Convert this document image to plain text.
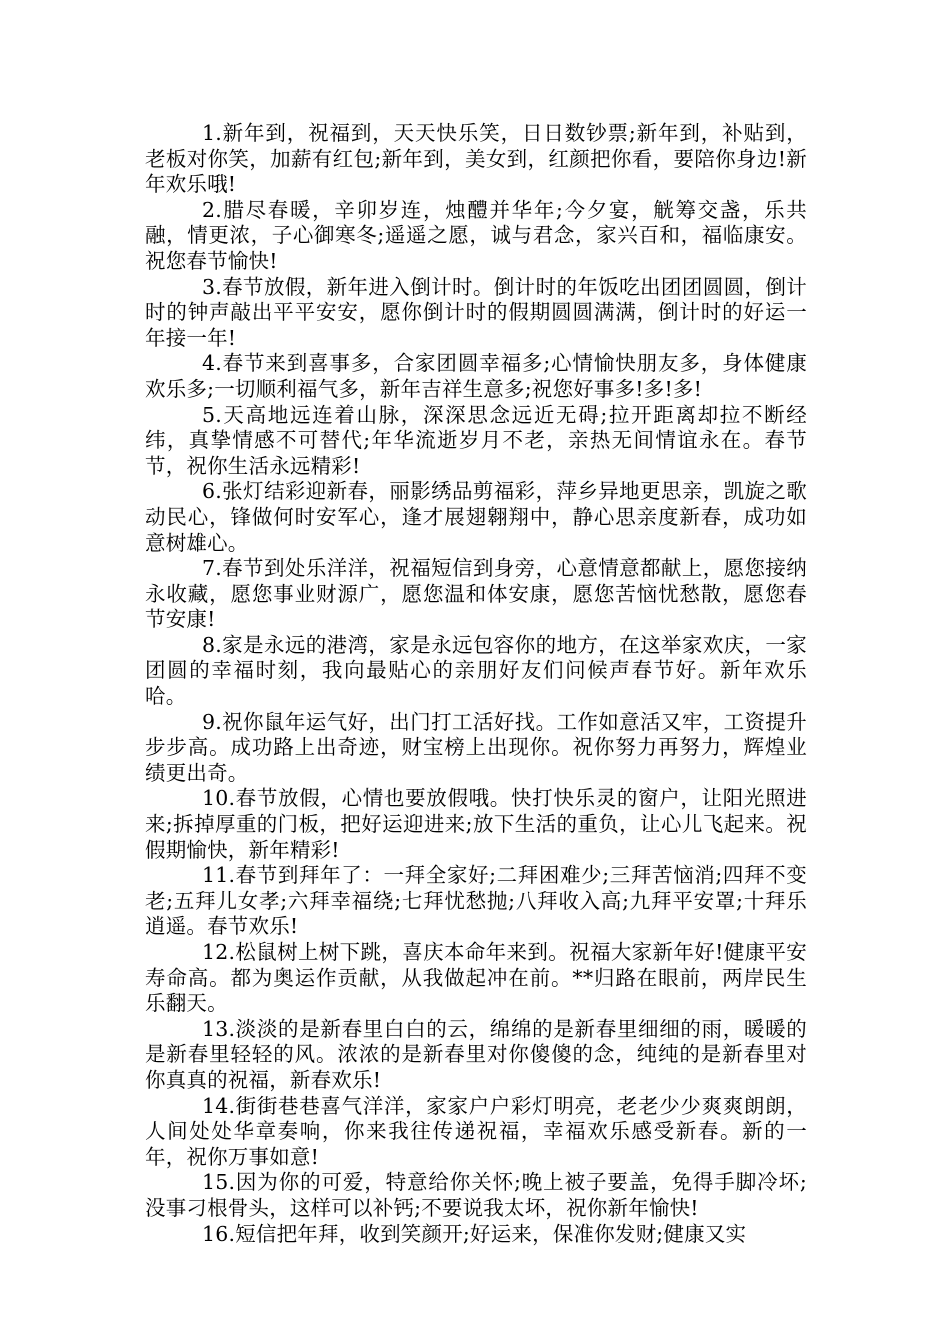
1.新年到，祝福到，天天快乐笑，日日数钞票;新年到，补贴到，老板对你笑，加薪有红包;新年到，美女到，红颜把你看，要陪你身边!新年欢乐哦!

2.腊尽春暖，辛卯岁连，烛醴并华年;今夕宴，觥筹交盏，乐共融，情更浓，子心御寒冬;遥遥之愿，诚与君念，家兴百和，福临康安。祝您春节愉快!

3.春节放假，新年进入倒计时。倒计时的年饭吃出团团圆圆，倒计时的钟声敲出平平安安，愿你倒计时的假期圆圆满满，倒计时的好运一年接一年!

4.春节来到喜事多，合家团圆幸福多;心情愉快朋友多，身体健康欢乐多;一切顺利福气多，新年吉祥生意多;祝您好事多!多!多!

5.天高地远连着山脉，深深思念远近无碍;拉开距离却拉不断经纬，真挚情感不可替代;年华流逝岁月不老，亲热无间情谊永在。春节节，祝你生活永远精彩!

6.张灯结彩迎新春，丽影绣品剪福彩，萍乡异地更思亲，凯旋之歌动民心，锋做何时安军心，逢才展翅翱翔中，静心思亲度新春，成功如意树雄心。

7.春节到处乐洋洋，祝福短信到身旁，心意情意都献上，愿您接纳永收藏，愿您事业财源广，愿您温和体安康，愿您苦恼忧愁散，愿您春节安康!

8.家是永远的港湾，家是永远包容你的地方，在这举家欢庆，一家团圆的幸福时刻，我向最贴心的亲朋好友们问候声春节好。新年欢乐哈。

9.祝你鼠年运气好，出门打工活好找。工作如意活又牢，工资提升步步高。成功路上出奇迹，财宝榜上出现你。祝你努力再努力，辉煌业绩更出奇。

10.春节放假，心情也要放假哦。快打快乐灵的窗户，让阳光照进来;拆掉厚重的门板，把好运迎进来;放下生活的重负，让心儿飞起来。祝假期愉快，新年精彩!

11.春节到拜年了：一拜全家好;二拜困难少;三拜苦恼消;四拜不变老;五拜儿女孝;六拜幸福绕;七拜忧愁抛;八拜收入高;九拜平安罩;十拜乐逍遥。春节欢乐!

12.松鼠树上树下跳，喜庆本命年来到。祝福大家新年好!健康平安寿命高。都为奥运作贡献，从我做起冲在前。**归路在眼前，两岸民生乐翻天。

13.淡淡的是新春里白白的云，绵绵的是新春里细细的雨，暖暖的是新春里轻轻的风。浓浓的是新春里对你傻傻的念，纯纯的是新春里对你真真的祝福，新春欢乐!

14.街街巷巷喜气洋洋，家家户户彩灯明亮，老老少少爽爽朗朗，人间处处华章奏响，你来我往传递祝福，幸福欢乐感受新春。新的一年，祝你万事如意!

15.因为你的可爱，特意给你关怀;晚上被子要盖，免得手脚冷坏;没事刁根骨头，这样可以补钙;不要说我太坏，祝你新年愉快!

16.短信把年拜，收到笑颜开;好运来，保准你发财;健康又实
